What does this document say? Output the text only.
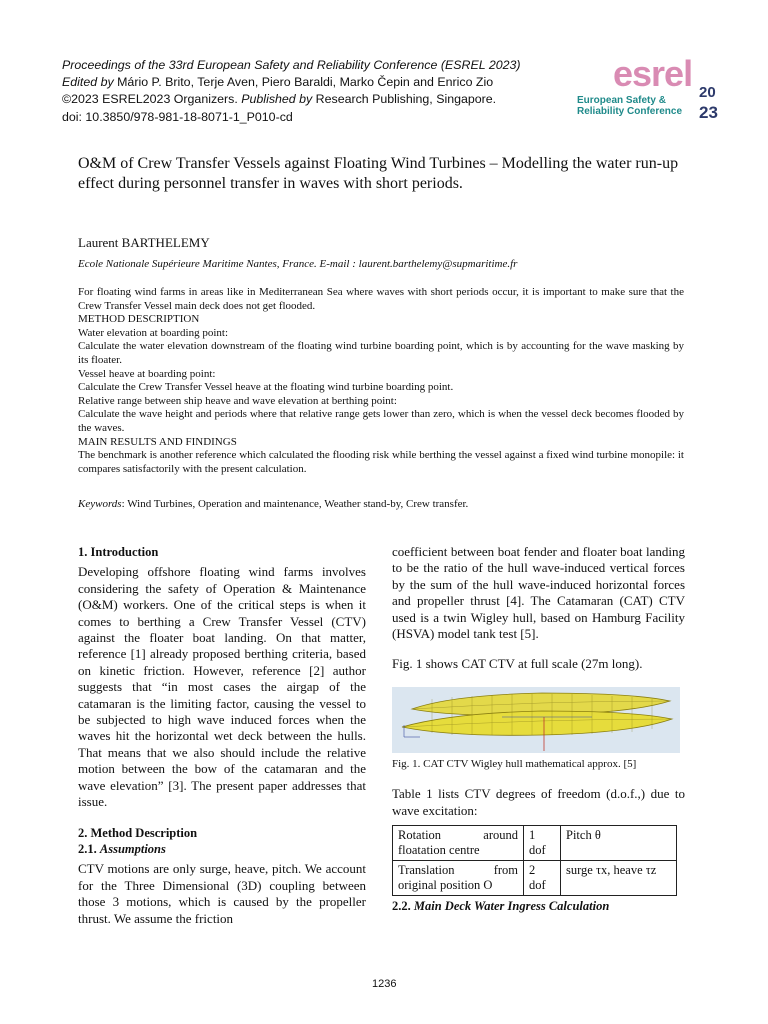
Proceedings of the 33rd European Safety and Reliability Conference (ESREL 2023)
Edited by Mário P. Brito, Terje Aven, Piero Baraldi, Marko Čepin and Enrico Zio
©2023 ESREL2023 Organizers. Published by Research Publishing, Singapore.
doi: 10.3850/978-981-18-8071-1_P010-cd
esrel 20
23
European Safety &
Reliability Conference
O&M of Crew Transfer Vessels against Floating Wind Turbines – Modelling the water run-up effect during personnel transfer in waves with short periods.
Laurent BARTHELEMY
Ecole Nationale Supérieure Maritime Nantes, France. E-mail : laurent.barthelemy@supmaritime.fr

For floating wind farms in areas like in Mediterranean Sea where waves with short periods occur, it is important to make sure that the Crew Transfer Vessel main deck does not get flooded.

METHOD DESCRIPTION

Water elevation at boarding point:

Calculate the water elevation downstream of the floating wind turbine boarding point, which is by accounting for the wave masking by its floater.

Vessel heave at boarding point:

Calculate the Crew Transfer Vessel heave at the floating wind turbine boarding point.

Relative range between ship heave and wave elevation at berthing point:

Calculate the wave height and periods where that relative range gets lower than zero, which is when the vessel deck becomes flooded by the waves.

MAIN RESULTS AND FINDINGS

The benchmark is another reference which calculated the flooding risk while berthing the vessel against a fixed wind turbine monopile: it compares satisfactorily with the present calculation.

Keywords: Wind Turbines, Operation and maintenance, Weather stand-by, Crew transfer.

1. Introduction

Developing offshore floating wind farms involves considering the safety of Operation & Maintenance (O&M) workers. One of the critical steps is when it comes to berthing a Crew Transfer Vessel (CTV) against the floater boat landing. On that matter, reference [1] already proposed berthing criteria, based on kinetic friction. However, reference [2] author suggests that “in most cases the airgap of the catamaran is the limiting factor, causing the vessel to be subjected to high wave induced forces when the waves hit the horizontal wet deck between the hulls. That means that we also should include the relative motion between the bow of the catamaran and the wave elevation” [3]. The present paper addresses that issue.

2. Method Description

2.1. Assumptions

CTV motions are only surge, heave, pitch. We account for the Three Dimensional (3D) coupling between those 3 motions, which is caused by the propeller thrust. We assume the friction

coefficient between boat fender and floater boat landing to be the ratio of the hull wave-induced vertical forces by the sum of the hull wave-induced horizontal forces and propeller thrust [4]. The Catamaran (CAT) CTV used is a twin Wigley hull, based on Hamburg Facility (HSVA) model tank test [5].

Fig. 1 shows CAT CTV at full scale (27m long).

Fig. 1. CAT CTV Wigley hull mathematical approx. [5]

Table 1 lists CTV degrees of freedom (d.o.f.,) due to wave excitation:

Rotation around floatation centre	1 dof	Pitch θ
Translation from original position O	2 dof	surge τx, heave τz

2.2. Main Deck Water Ingress Calculation

1236
